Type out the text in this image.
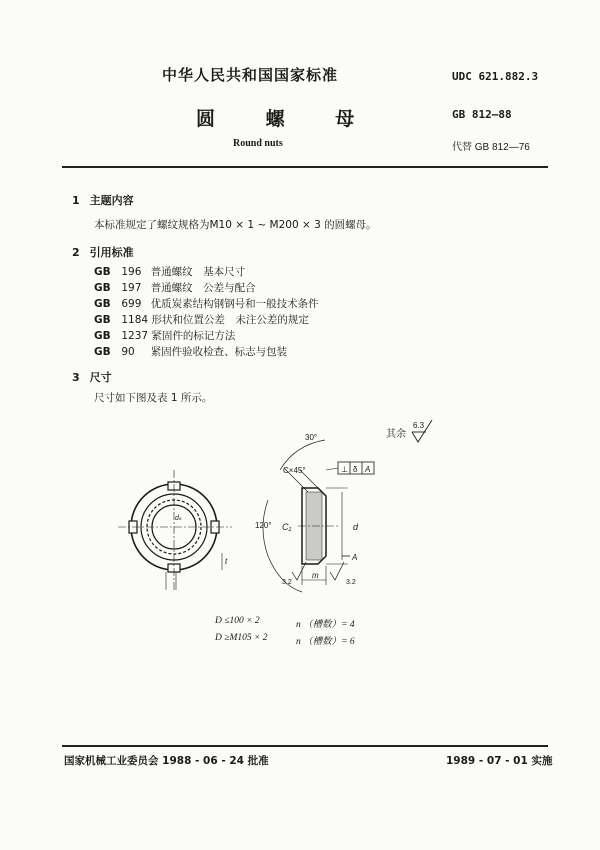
中华人民共和国国家标准	UDC 621.882.3
圆 螺 母	GB 812—88
Round nuts	代替 GB 812—76
1 主题内容
本标准规定了螺纹规格为M10 × 1 ~ M200 × 3 的圆螺母。
2 引用标准
GB 196 普通螺纹　基本尺寸
GB 197 普通螺纹　公差与配合
GB 699 优质炭素结构钢钢号和一般技术条件
GB 1184 形状和位置公差　未注公差的规定
GB 1237 紧固件的标记方法
GB 90 紧固件验收检查、标志与包装
3 尺寸
尺寸如下图及表 1 所示。
其余
6.3
30°
C×45°
120° C₁	d
dₖ
m
t
3.2	3.2
⊥ δ A
A
D ≤100 × 2	n （槽数）= 4
D ≥M105 × 2	n （槽数）= 6
国家机械工业委员会 1988 - 06 - 24 批准	1989 - 07 - 01 实施
